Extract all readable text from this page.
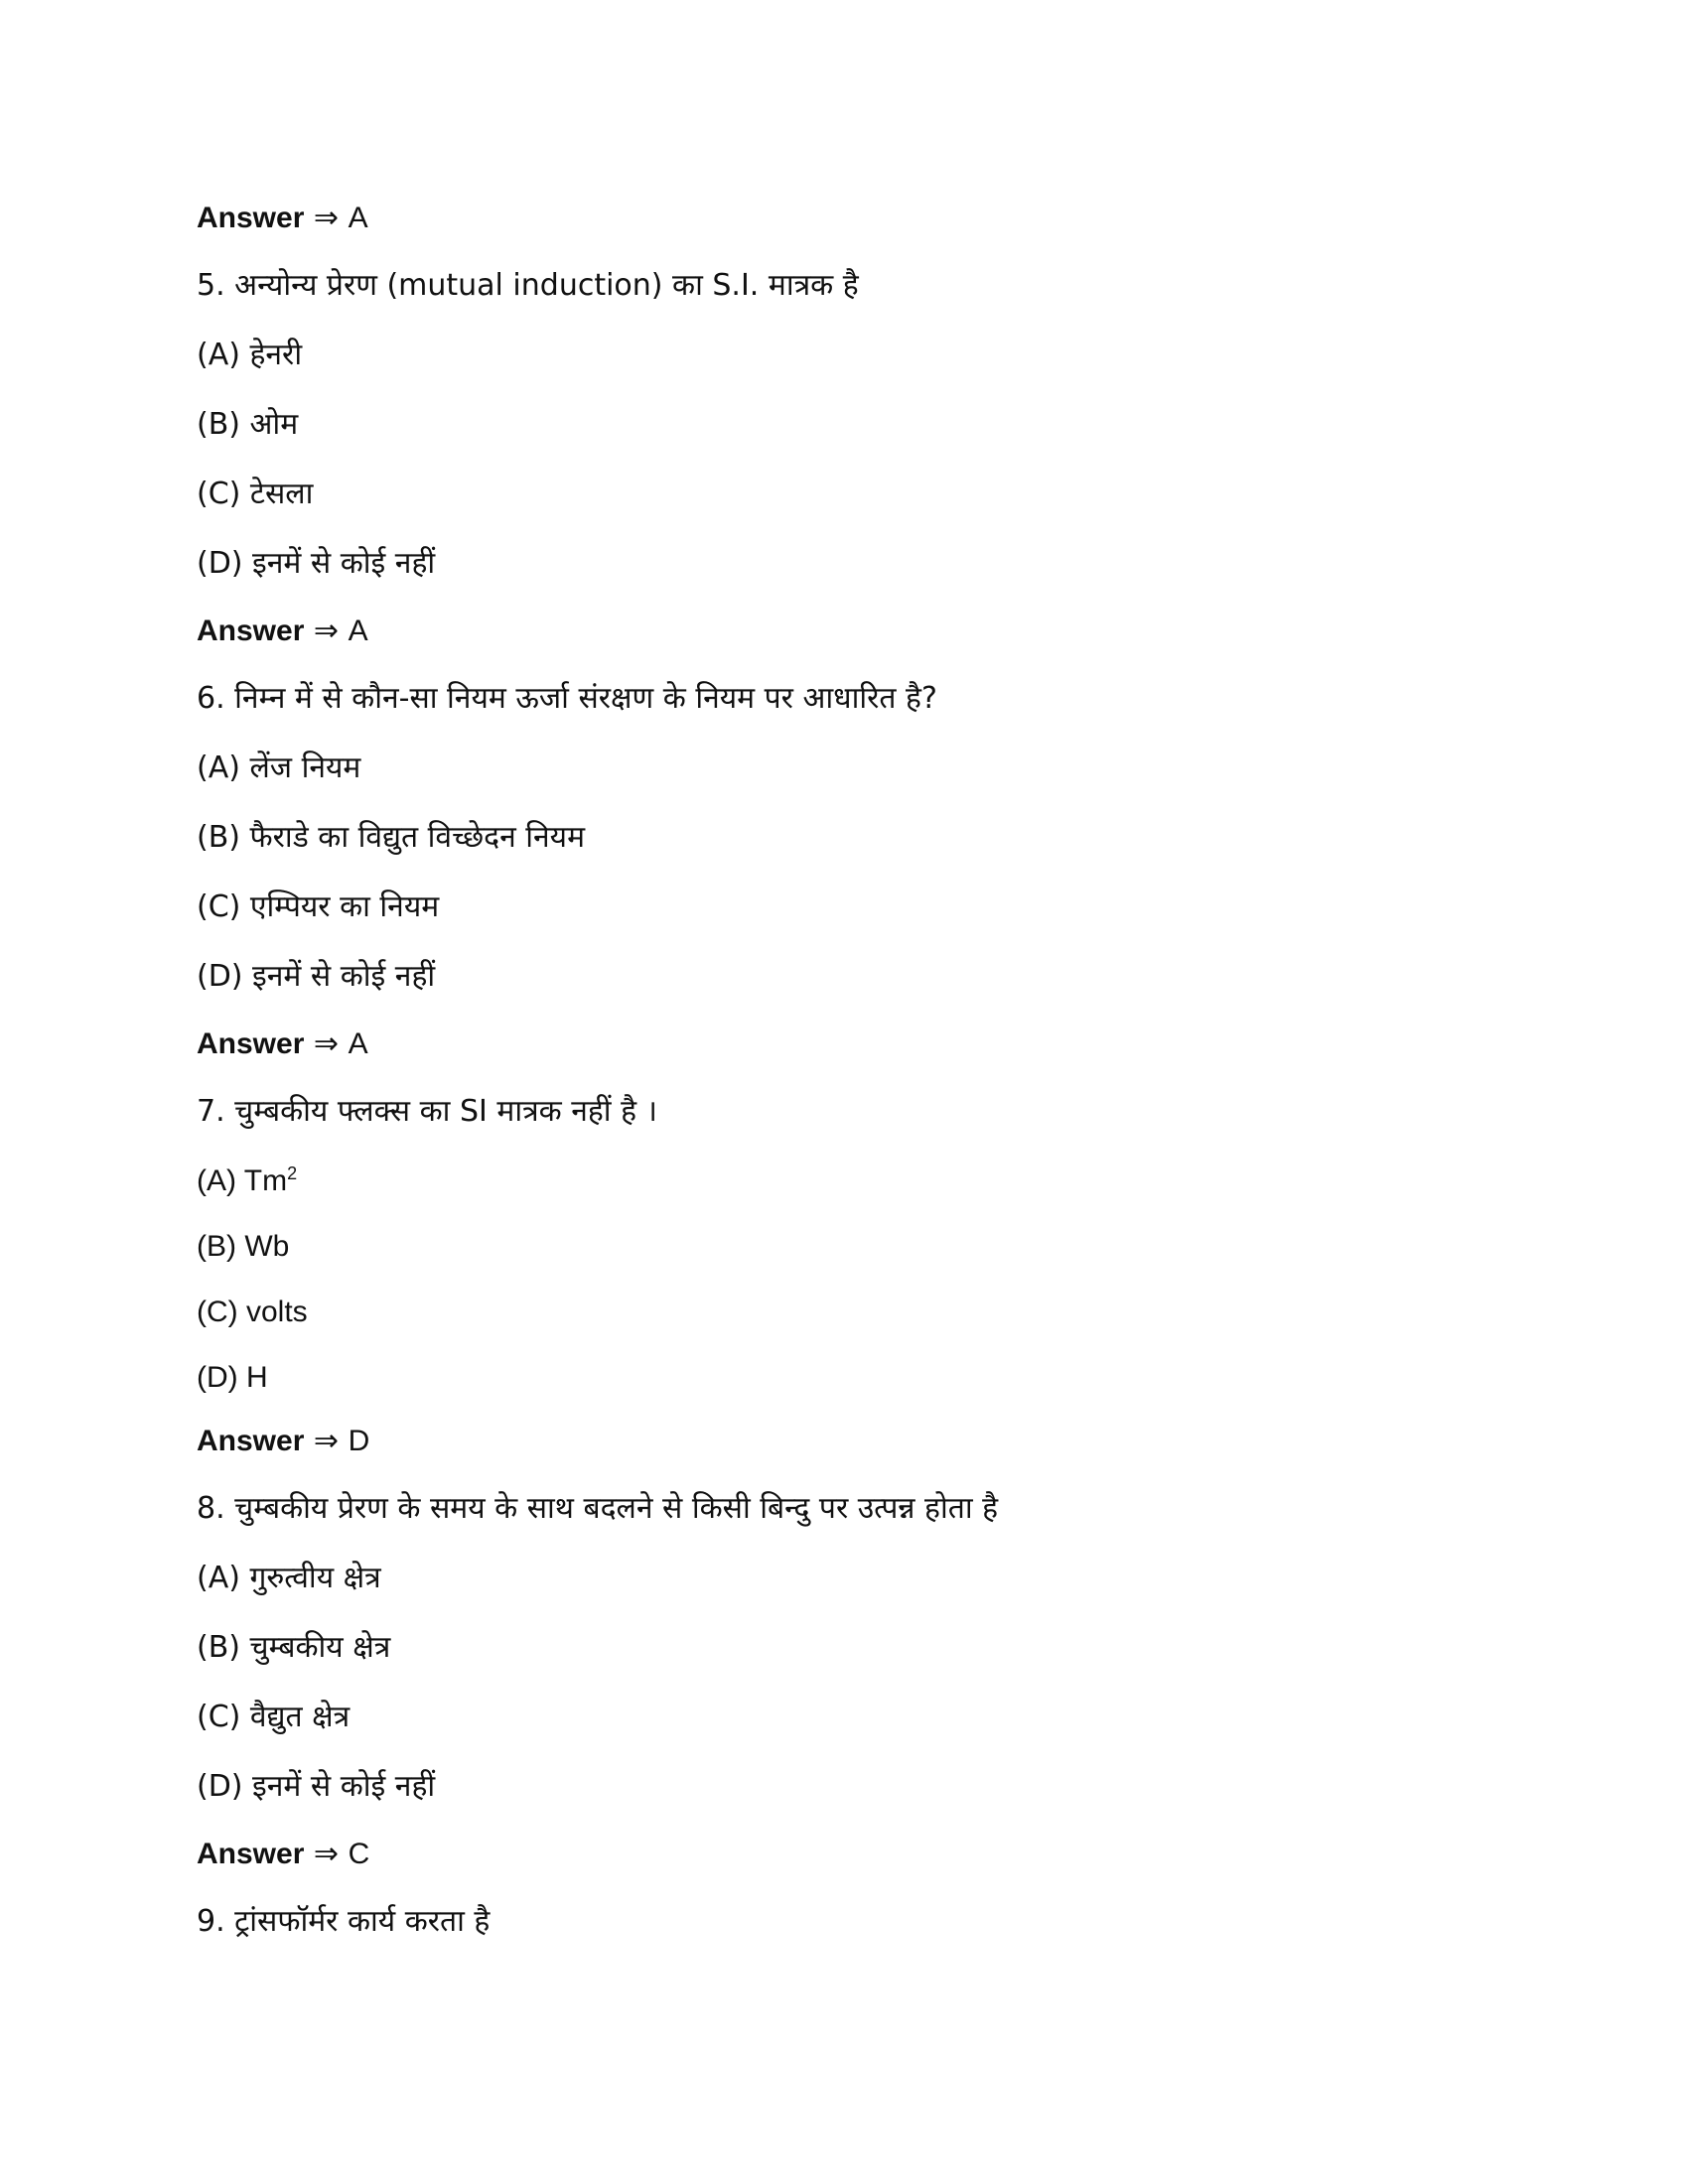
Answer ⇒ A
5. अन्योन्य प्रेरण (mutual induction) का S.I. मात्रक है
(A) हेनरी
(B) ओम
(C) टेसला
(D) इनमें से कोई नहीं
Answer ⇒ A
6. निम्न में से कौन-सा नियम ऊर्जा संरक्षण के नियम पर आधारित है?
(A) लेंज नियम
(B) फैराडे का विद्युत विच्छेदन नियम
(C) एम्पियर का नियम
(D) इनमें से कोई नहीं
Answer ⇒ A
7. चुम्बकीय फ्लक्स का SI मात्रक नहीं है ।
(A) Tm$^2$
(B) Wb
(C) volts
(D) H
Answer ⇒ D
8. चुम्बकीय प्रेरण के समय के साथ बदलने से किसी बिन्दु पर उत्पन्न होता है
(A) गुरुत्वीय क्षेत्र
(B) चुम्बकीय क्षेत्र
(C) वैद्युत क्षेत्र
(D) इनमें से कोई नहीं
Answer ⇒ C
9. ट्रांसफॉर्मर कार्य करता है
